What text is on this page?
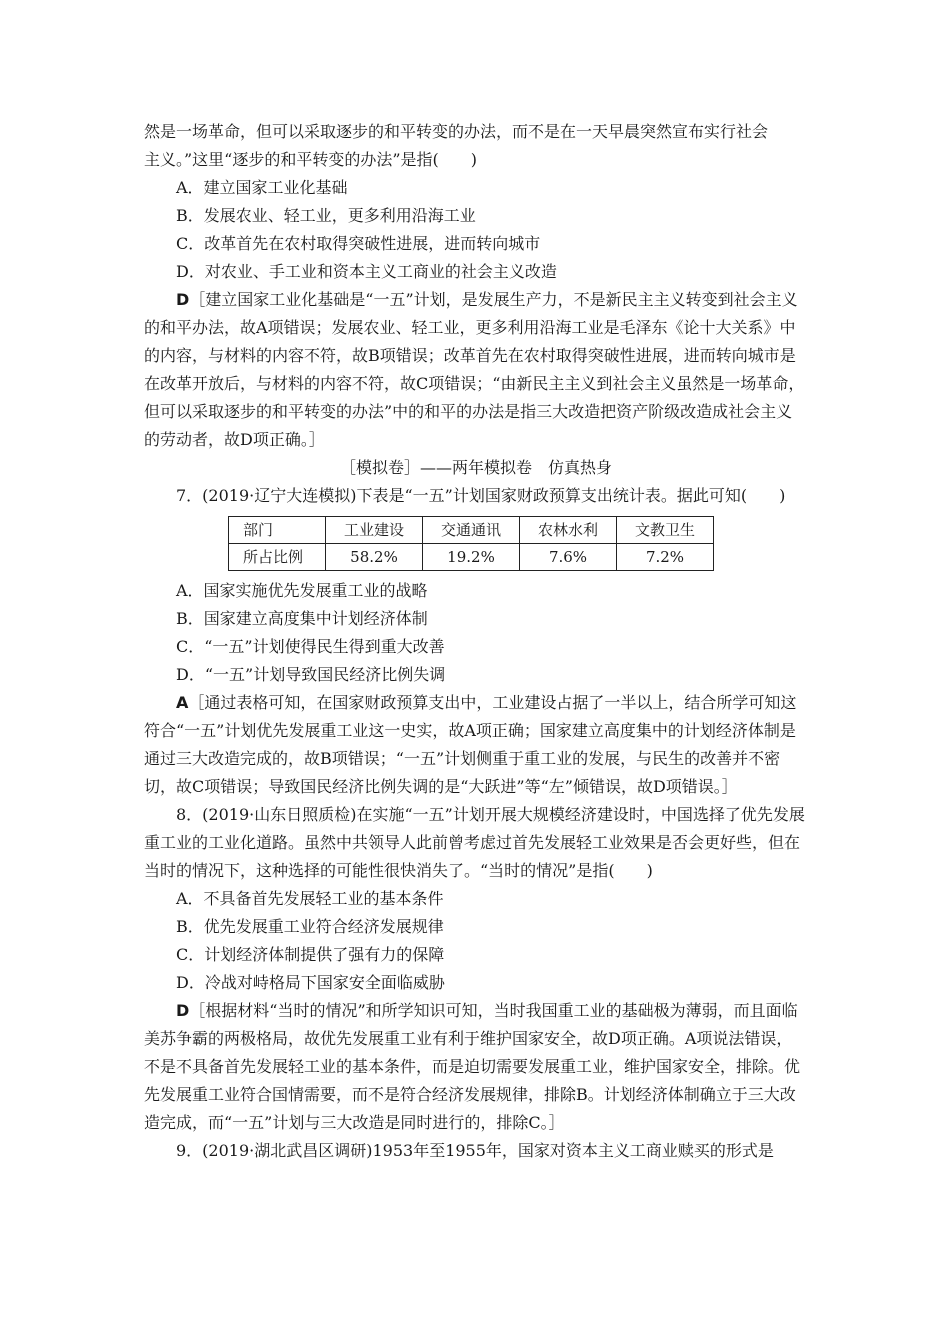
然是一场革命，但可以采取逐步的和平转变的办法，而不是在一天早晨突然宣布实行社会

主义。”这里“逐步的和平转变的办法”是指(　　)

A．建立国家工业化基础

B．发展农业、轻工业，更多利用沿海工业

C．改革首先在农村取得突破性进展，进而转向城市

D．对农业、手工业和资本主义工商业的社会主义改造

D［建立国家工业化基础是“一五”计划，是发展生产力，不是新民主主义转变到社会主义的和平办法，故A项错误；发展农业、轻工业，更多利用沿海工业是毛泽东《论十大关系》中的内容，与材料的内容不符，故B项错误；改革首先在农村取得突破性进展，进而转向城市是在改革开放后，与材料的内容不符，故C项错误；“由新民主主义到社会主义虽然是一场革命，但可以采取逐步的和平转变的办法”中的和平的办法是指三大改造把资产阶级改造成社会主义的劳动者，故D项正确。］

［模拟卷］——两年模拟卷　仿真热身

7．(2019·辽宁大连模拟)下表是“一五”计划国家财政预算支出统计表。据此可知(　　)

部门	工业建设	交通通讯	农林水利	文教卫生
所占比例	58.2%	19.2%	7.6%	7.2%

A．国家实施优先发展重工业的战略

B．国家建立高度集中计划经济体制

C．“一五”计划使得民生得到重大改善

D．“一五”计划导致国民经济比例失调

A［通过表格可知，在国家财政预算支出中，工业建设占据了一半以上，结合所学可知这符合“一五”计划优先发展重工业这一史实，故A项正确；国家建立高度集中的计划经济体制是通过三大改造完成的，故B项错误；“一五”计划侧重于重工业的发展，与民生的改善并不密切，故C项错误；导致国民经济比例失调的是“大跃进”等“左”倾错误，故D项错误。］

8．(2019·山东日照质检)在实施“一五”计划开展大规模经济建设时，中国选择了优先发展重工业的工业化道路。虽然中共领导人此前曾考虑过首先发展轻工业效果是否会更好些，但在当时的情况下，这种选择的可能性很快消失了。“当时的情况”是指(　　)

A．不具备首先发展轻工业的基本条件

B．优先发展重工业符合经济发展规律

C．计划经济体制提供了强有力的保障

D．冷战对峙格局下国家安全面临威胁

D［根据材料“当时的情况”和所学知识可知，当时我国重工业的基础极为薄弱，而且面临美苏争霸的两极格局，故优先发展重工业有利于维护国家安全，故D项正确。A项说法错误，不是不具备首先发展轻工业的基本条件，而是迫切需要发展重工业，维护国家安全，排除。优先发展重工业符合国情需要，而不是符合经济发展规律，排除B。计划经济体制确立于三大改造完成，而“一五”计划与三大改造是同时进行的，排除C。］

9．(2019·湖北武昌区调研)1953年至1955年，国家对资本主义工商业赎买的形式是
